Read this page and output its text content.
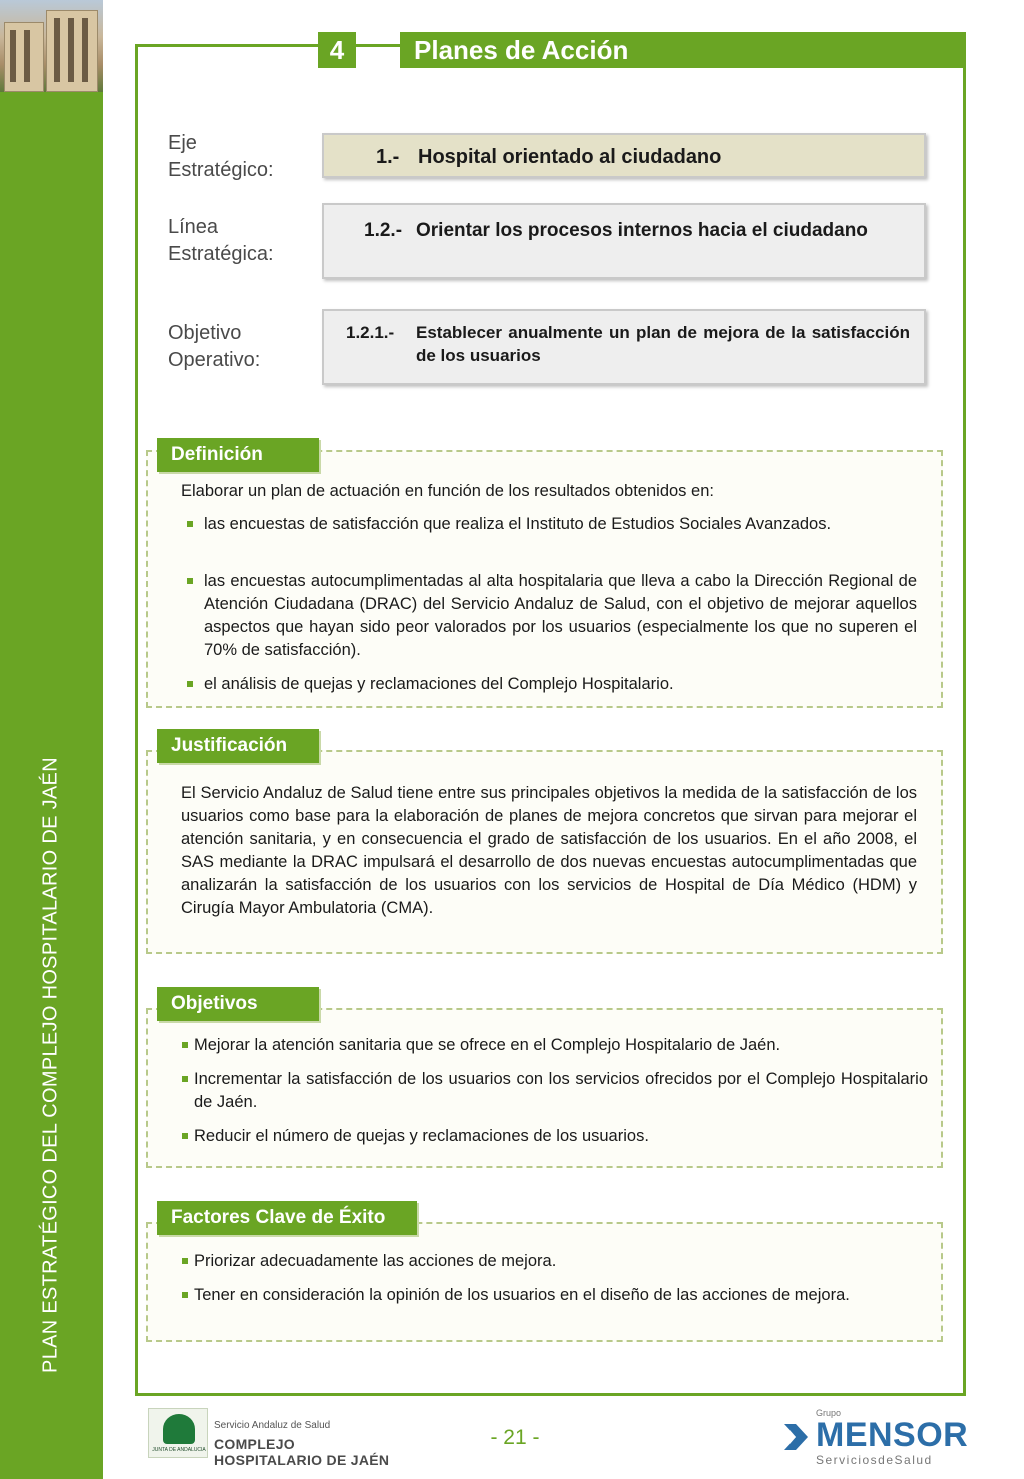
PLAN ESTRATÉGICO DEL COMPLEJO HOSPITALARIO DE JAÉN
4	Planes de Acción
Eje
Estratégico:
1.- Hospital orientado al ciudadano
Línea
Estratégica:
1.2.- Orientar los procesos internos hacia el ciudadano
Objetivo
Operativo:
1.2.1.- Establecer anualmente un plan de mejora de la satisfacción de los usuarios
Definición
Elaborar un plan de actuación en función de los resultados obtenidos en:
las encuestas de satisfacción que realiza el Instituto de Estudios Sociales Avanzados.
las encuestas autocumplimentadas al alta hospitalaria que lleva a cabo la Dirección Regional de Atención Ciudadana (DRAC) del Servicio Andaluz de Salud, con el objetivo de mejorar aquellos aspectos que hayan sido peor valorados por los usuarios (especialmente los que no superen el 70% de satisfacción).
el análisis de quejas y reclamaciones del Complejo Hospitalario.
Justificación
El Servicio Andaluz de Salud tiene entre sus principales objetivos la medida de la satisfacción de los usuarios como base para la elaboración de planes de mejora concretos que sirvan para mejorar el atención sanitaria, y en consecuencia el grado de satisfacción de los usuarios. En el año 2008, el SAS mediante la DRAC impulsará el desarrollo de dos nuevas encuestas autocumplimentadas que analizarán la satisfacción de los usuarios con los servicios de Hospital de Día Médico (HDM) y Cirugía Mayor Ambulatoria (CMA).
Objetivos
Mejorar la atención sanitaria que se ofrece en el Complejo Hospitalario de Jaén.
Incrementar la satisfacción de los usuarios con los servicios ofrecidos por el Complejo Hospitalario de Jaén.
Reducir el número de quejas y reclamaciones de los usuarios.
Factores Clave de Éxito
Priorizar adecuadamente las acciones de mejora.
Tener en consideración la opinión de los usuarios en el diseño de las acciones de mejora.
JUNTA DE ANDALUCIA
Servicio Andaluz de Salud
COMPLEJO HOSPITALARIO DE JAÉN
- 21 -
Grupo
MENSOR
ServiciosdeSalud
